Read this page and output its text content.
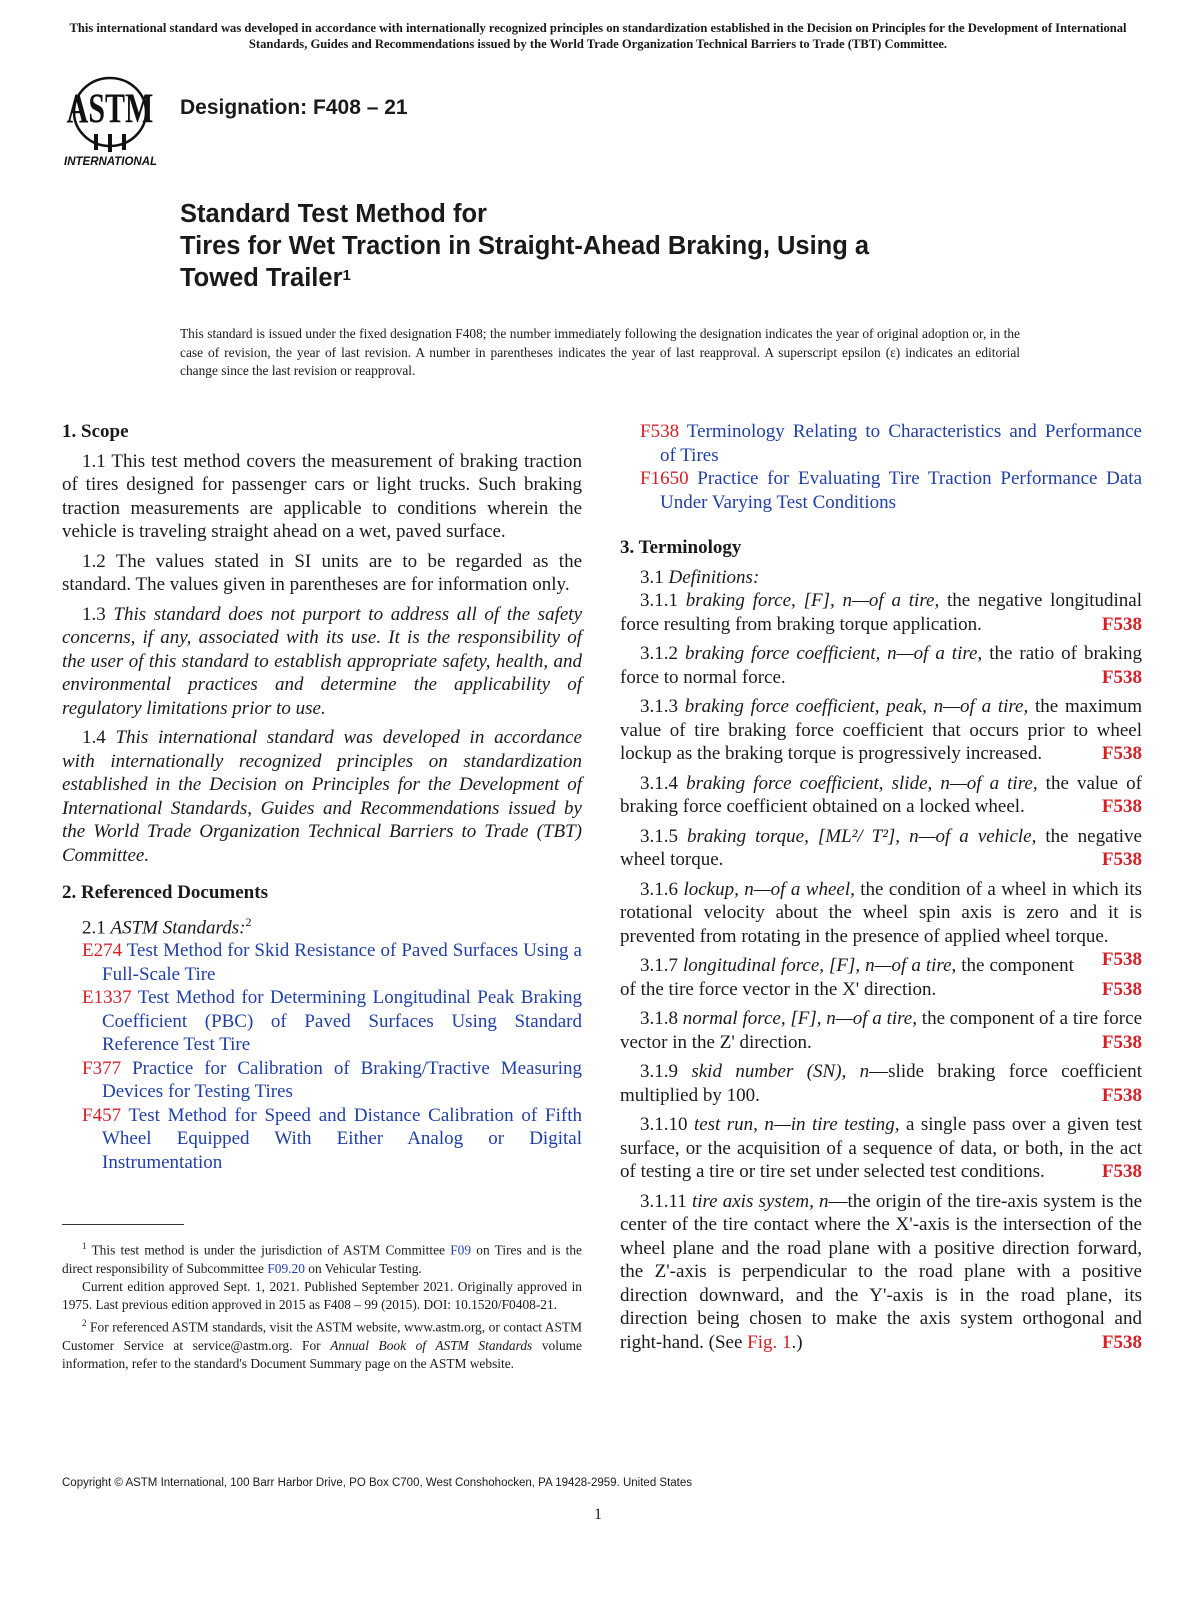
This international standard was developed in accordance with internationally recognized principles on standardization established in the Decision on Principles for the Development of International Standards, Guides and Recommendations issued by the World Trade Organization Technical Barriers to Trade (TBT) Committee.
ASTM
INTERNATIONAL
Designation: F408 – 21
Standard Test Method for
Tires for Wet Traction in Straight-Ahead Braking, Using a
Towed Trailer$^1$
This standard is issued under the fixed designation F408; the number immediately following the designation indicates the year of original adoption or, in the case of revision, the year of last revision. A number in parentheses indicates the year of last reapproval. A superscript epsilon (ε) indicates an editorial change since the last revision or reapproval.
1. Scope

1.1 This test method covers the measurement of braking traction of tires designed for passenger cars or light trucks. Such braking traction measurements are applicable to conditions wherein the vehicle is traveling straight ahead on a wet, paved surface.

1.2 The values stated in SI units are to be regarded as the standard. The values given in parentheses are for information only.

1.3 This standard does not purport to address all of the safety concerns, if any, associated with its use. It is the responsibility of the user of this standard to establish appropriate safety, health, and environmental practices and determine the applicability of regulatory limitations prior to use.

1.4 This international standard was developed in accordance with internationally recognized principles on standardization established in the Decision on Principles for the Development of International Standards, Guides and Recommendations issued by the World Trade Organization Technical Barriers to Trade (TBT) Committee.

2. Referenced Documents

2.1 ASTM Standards:$^2$

E274 Test Method for Skid Resistance of Paved Surfaces Using a Full-Scale Tire

E1337 Test Method for Determining Longitudinal Peak Braking Coefficient (PBC) of Paved Surfaces Using Standard Reference Test Tire

F377 Practice for Calibration of Braking/Tractive Measuring Devices for Testing Tires

F457 Test Method for Speed and Distance Calibration of Fifth Wheel Equipped With Either Analog or Digital Instrumentation

$^1$ This test method is under the jurisdiction of ASTM Committee F09 on Tires and is the direct responsibility of Subcommittee F09.20 on Vehicular Testing.

Current edition approved Sept. 1, 2021. Published September 2021. Originally approved in 1975. Last previous edition approved in 2015 as F408 – 99 (2015). DOI: 10.1520/F0408-21.

$^2$ For referenced ASTM standards, visit the ASTM website, www.astm.org, or contact ASTM Customer Service at service@astm.org. For Annual Book of ASTM Standards volume information, refer to the standard's Document Summary page on the ASTM website.

F538 Terminology Relating to Characteristics and Performance of Tires

F1650 Practice for Evaluating Tire Traction Performance Data Under Varying Test Conditions

3. Terminology

3.1 Definitions:

3.1.1 braking force, [F], n—of a tire, the negative longitudinal force resulting from braking torque application.	F538

3.1.2 braking force coefficient, n—of a tire, the ratio of braking force to normal force.	F538

3.1.3 braking force coefficient, peak, n—of a tire, the maximum value of tire braking force coefficient that occurs prior to wheel lockup as the braking torque is progressively increased.	F538

3.1.4 braking force coefficient, slide, n—of a tire, the value of braking force coefficient obtained on a locked wheel.	F538

3.1.5 braking torque, [ML²/ T²], n—of a vehicle, the negative wheel torque.	F538

3.1.6 lockup, n—of a wheel, the condition of a wheel in which its rotational velocity about the wheel spin axis is zero and it is prevented from rotating in the presence of applied wheel torque.
F538

3.1.7 longitudinal force, [F], n—of a tire, the component of the tire force vector in the X' direction.	F538

3.1.8 normal force, [F], n—of a tire, the component of a tire force vector in the Z' direction.	F538

3.1.9 skid number (SN), n—slide braking force coefficient multiplied by 100.	F538

3.1.10 test run, n—in tire testing, a single pass over a given test surface, or the acquisition of a sequence of data, or both, in the act of testing a tire or tire set under selected test conditions.	F538

3.1.11 tire axis system, n—the origin of the tire-axis system is the center of the tire contact where the X'-axis is the intersection of the wheel plane and the road plane with a positive direction forward, the Z'-axis is perpendicular to the road plane with a positive direction downward, and the Y'-axis is in the road plane, its direction being chosen to make the axis system orthogonal and right-hand. (See Fig. 1.)	F538

Copyright © ASTM International, 100 Barr Harbor Drive, PO Box C700, West Conshohocken, PA 19428-2959. United States
1
